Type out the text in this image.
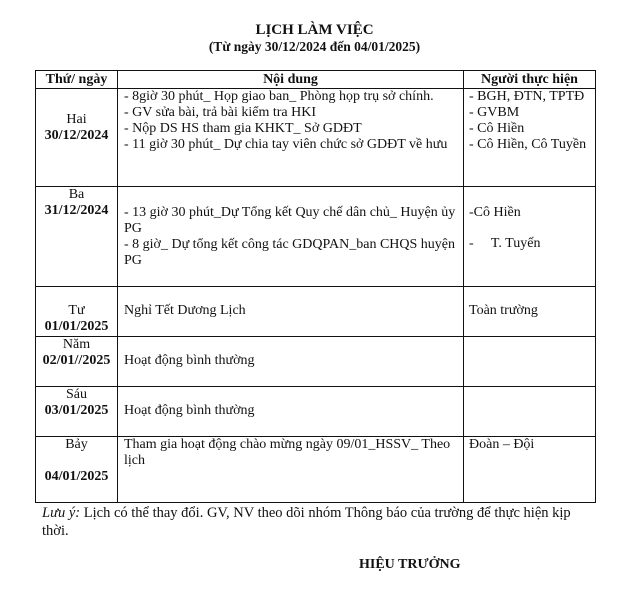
LỊCH LÀM VIỆC
(Từ ngày 30/12/2024 đến 04/01/2025)
Thứ/ ngày	Nội dung	Người thực hiện

Hai
30/12/2024	- 8giờ 30 phút_ Họp giao ban_ Phòng họp trụ sở chính.
- GV sửa bài, trả bài kiểm tra HKI
- Nộp DS HS tham gia KHKT_ Sở GDĐT
- 11 giờ 30 phút_ Dự chia tay viên chức sở GDĐT về hưu	- BGH, ĐTN, TPTĐ
- GVBM
- Cô Hiền
- Cô Hiền, Cô Tuyền

Ba
31/12/2024	- 13 giờ 30 phút_Dự Tổng kết Quy chế dân chủ_ Huyện ủy PG
- 8 giờ_ Dự tổng kết công tác GDQPAN_ban CHQS huyện PG	-Cô Hiền
-     T. Tuyến

Tư
01/01/2025	Nghỉ Tết Dương Lịch	Toàn trường

Năm
02/01//2025	Hoạt động bình thường	

Sáu
03/01/2025	Hoạt động bình thường	

Bảy
04/01/2025	Tham gia hoạt động chào mừng ngày 09/01_HSSV_ Theo lịch	Đoàn – Đội
Lưu ý: Lịch có thể thay đổi. GV, NV theo dõi nhóm Thông báo của trường để thực hiện kịp thời.
HIỆU TRƯỞNG
